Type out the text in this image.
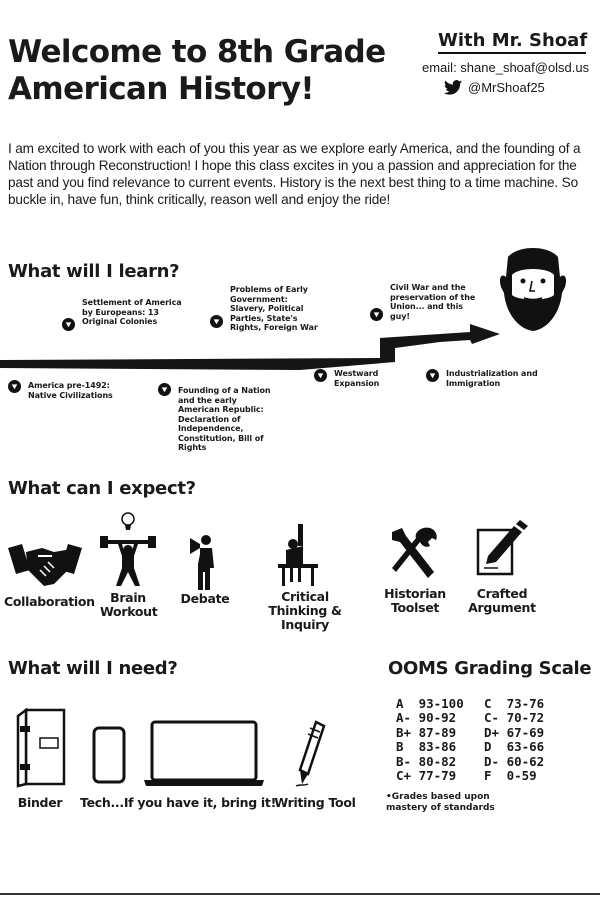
Welcome to 8th Grade
American History!
With Mr. Shoaf
email: shane_shoaf@olsd.us
@MrShoaf25
I am excited to work with each of you this year as we explore early America, and the founding of a Nation through Reconstruction! I hope this class excites in you a passion and appreciation for the past and you find relevance to current events. History is the next best thing to a time machine. So buckle in, have fun, think critically, reason well and enjoy the ride!
What will I learn?
Settlement of America by Europeans: 13 Original Colonies
Problems of Early Government: Slavery, Political Parties, State's Rights, Foreign War
Civil War and the preservation of the Union... and this guy!
America pre-1492: Native Civilizations	Founding of a Nation and the early American Republic: Declaration of Independence, Constitution, Bill of Rights
Westward Expansion
Industrialization and Immigration
What can I expect?
Collaboration	Brain Workout
Debate	Critical Thinking & Inquiry
Historian Toolset
Crafted Argument
What will I need?
Binder	Tech...If you have it, bring it!
Writing Tool
OOMS Grading Scale
A  93-100	C  73-76
A- 90-92	C- 70-72
B+ 87-89	D+ 67-69
B  83-86	D  63-66
B- 80-82	D- 60-62
C+ 77-79	F  0-59
•Grades based upon mastery of standards
